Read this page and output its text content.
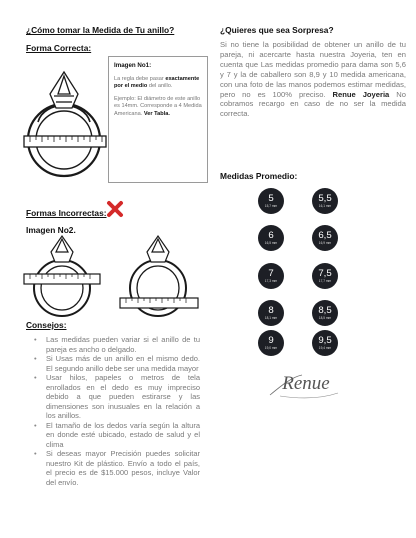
¿Cómo tomar la Medida de Tu anillo?
Forma Correcta:
Imagen No1:

La regla debe pasar exactamente por el medio del anillo.

Ejemplo: El diámetro de este anillo es 14mm. Corresponde a 4 Medida Americana. Ver Tabla.

Formas Incorrectas:
Imagen No2.
Consejos:
• Las medidas pueden variar si el anillo de tu pareja es ancho o delgado.
• Si Usas más de un anillo en el mismo dedo. El segundo anillo debe ser una medida mayor
• Usar hilos, papeles o metros de tela enrollados en el dedo es muy impreciso debido a que pueden estirarse y las dimensiones son inusuales en la relación a los anillos.
• El tamaño de los dedos varía según la altura en donde esté ubicado, estado de salud y el clima
• Si deseas mayor Precisión puedes solicitar nuestro Kit de plástico. Envío a todo el país, el precio es de $15.000 pesos, incluye Valor del envío.
¿Quieres que sea Sorpresa?
Si no tiene la posibilidad de obtener un anillo de tu pareja, ni acercarte hasta nuestra Joyeria, ten en cuenta que Las medidas promedio para dama son 5,6 y 7 y la de caballero son 8,9 y 10 medida americana, con una foto de las manos podemos estimar medidas, pero no es 100% preciso. Renue Joyeria No cobramos recargo en caso de no ser la medida correcta.
Medidas Promedio:
5
15,7 mm
5,5
16,1 mm
6
16,5 mm
6,5
16,9 mm
7
17,3 mm
7,5
17,7 mm
8
18,1 mm
8,5
18,5 mm
9
19,0 mm
9,5
19,4 mm
Renue
